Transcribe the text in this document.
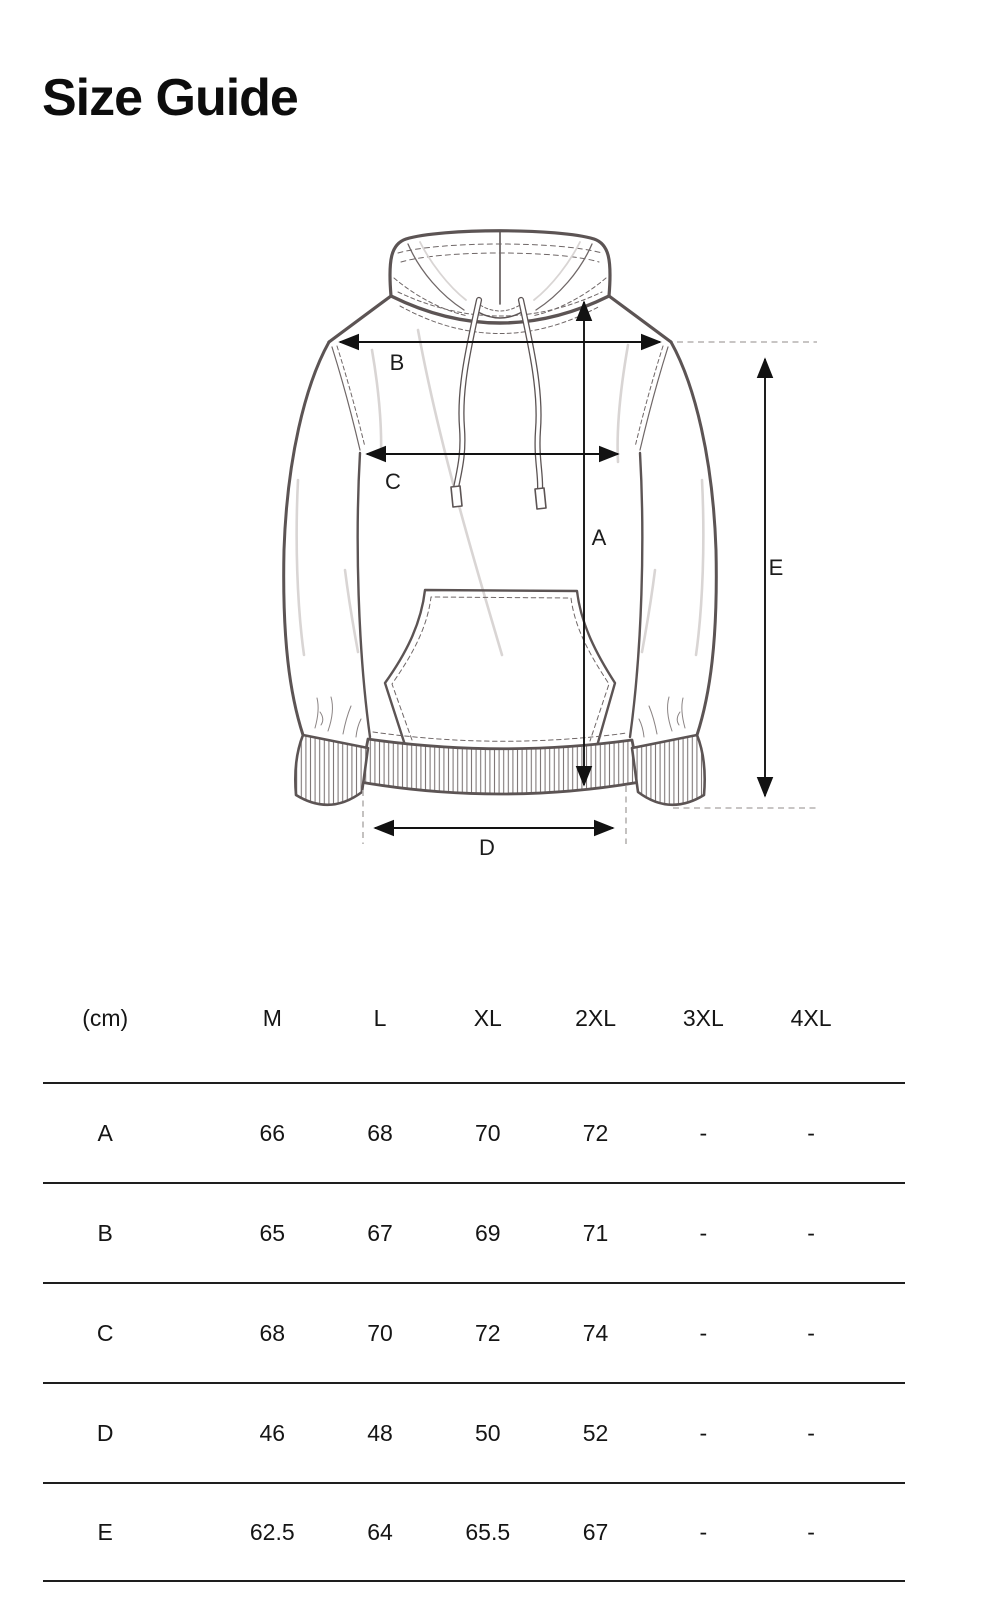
Size Guide
B
C
A
E
D
(cm)	M	L	XL	2XL	3XL	4XL
A	66	68	70	72	-	-
B	65	67	69	71	-	-
C	68	70	72	74	-	-
D	46	48	50	52	-	-
E	62.5	64	65.5	67	-	-
